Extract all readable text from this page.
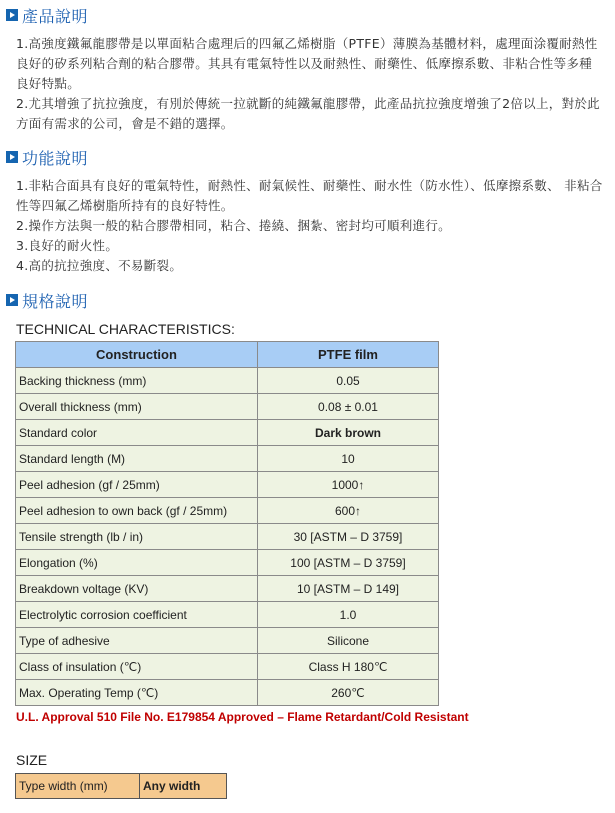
產品說明

1.高強度鐵氟龍膠帶是以單面粘合處理后的四氟乙烯樹脂（PTFE）薄膜為基體材料，處理面涂覆耐熱性良好的矽系列粘合劑的粘合膠帶。其具有電氣特性以及耐熱性、耐藥性、低摩擦系數、非粘合性等多種良好特點。

2.尤其增強了抗拉強度，有別於傳統一拉就斷的純鐵氟龍膠帶，此產品抗拉強度增強了2倍以上，對於此方面有需求的公司，會是不錯的選擇。

功能說明

1.非粘合面具有良好的電氣特性，耐熱性、耐氣候性、耐藥性、耐水性（防水性）、低摩擦系數、 非粘合性等四氟乙烯樹脂所持有的良好特性。

2.操作方法與一般的粘合膠帶相同，粘合、捲繞、捆紮、密封均可順利進行。

3.良好的耐火性。

4.高的抗拉強度、不易斷裂。

規格說明
TECHNICAL CHARACTERISTICS:
Construction	PTFE film
Backing thickness (mm)	0.05
Overall thickness (mm)	0.08 ± 0.01
Standard color	Dark brown
Standard length (M)	10
Peel adhesion (gf / 25mm)	1000↑
Peel adhesion to own back (gf / 25mm)	600↑
Tensile strength (lb / in)	30 [ASTM – D 3759]
Elongation (%)	100 [ASTM – D 3759]
Breakdown voltage (KV)	10 [ASTM – D 149]
Electrolytic corrosion coefficient	1.0
Type of adhesive	Silicone
Class of insulation (℃)	Class H 180℃
Max. Operating Temp (℃)	260℃
U.L. Approval 510 File No. E179854 Approved – Flame Retardant/Cold Resistant
SIZE
Type width (mm)	Any width
